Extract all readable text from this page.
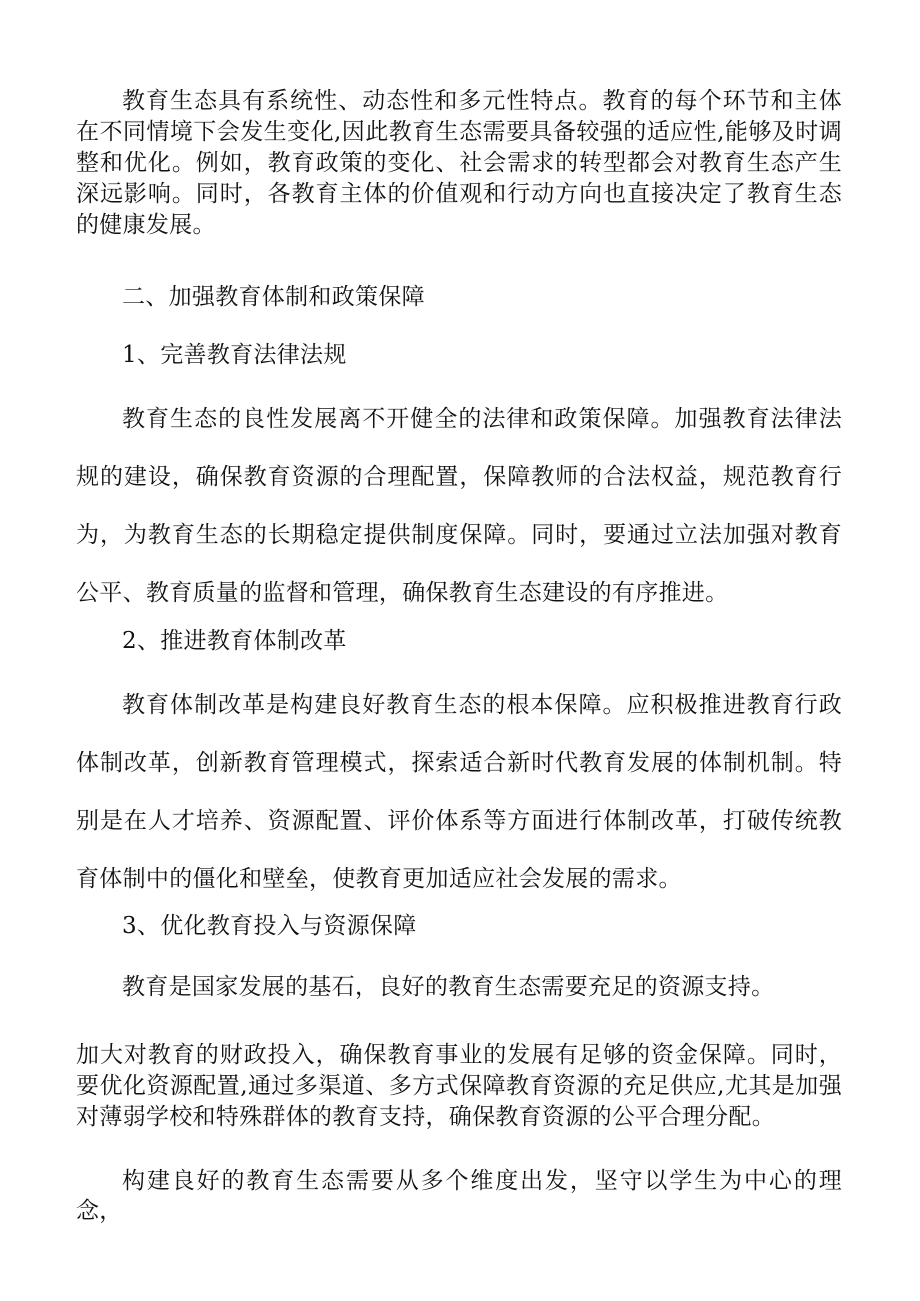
教育生态具有系统性、动态性和多元性特点。教育的每个环节和主体在不同情境下会发生变化,因此教育生态需要具备较强的适应性,能够及时调整和优化。例如，教育政策的变化、社会需求的转型都会对教育生态产生深远影响。同时，各教育主体的价值观和行动方向也直接决定了教育生态的健康发展。

二、加强教育体制和政策保障

1、完善教育法律法规

教育生态的良性发展离不开健全的法律和政策保障。加强教育法律法规的建设，确保教育资源的合理配置，保障教师的合法权益，规范教育行为，为教育生态的长期稳定提供制度保障。同时，要通过立法加强对教育公平、教育质量的监督和管理，确保教育生态建设的有序推进。

2、推进教育体制改革

教育体制改革是构建良好教育生态的根本保障。应积极推进教育行政体制改革，创新教育管理模式，探索适合新时代教育发展的体制机制。特别是在人才培养、资源配置、评价体系等方面进行体制改革，打破传统教育体制中的僵化和壁垒，使教育更加适应社会发展的需求。

3、优化教育投入与资源保障

教育是国家发展的基石，良好的教育生态需要充足的资源支持。

加大对教育的财政投入，确保教育事业的发展有足够的资金保障。同时，要优化资源配置,通过多渠道、多方式保障教育资源的充足供应,尤其是加强对薄弱学校和特殊群体的教育支持，确保教育资源的公平合理分配。

构建良好的教育生态需要从多个维度出发，坚守以学生为中心的理念，
